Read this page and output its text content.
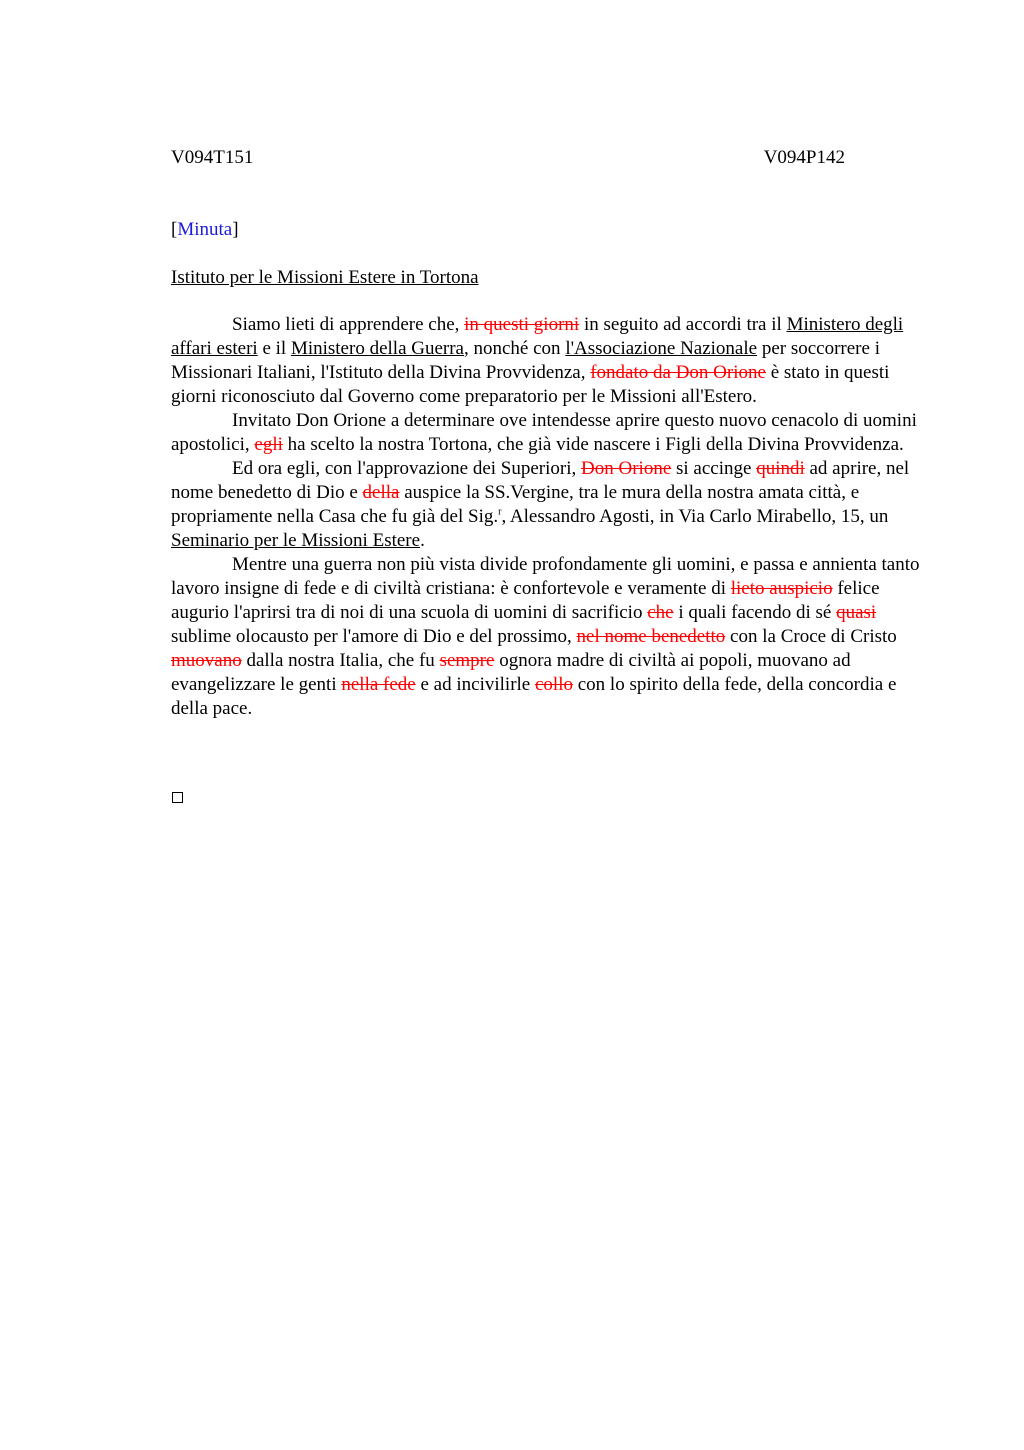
V094T151	V094P142
[Minuta]
Istituto per le Missioni Estere in Tortona

Siamo lieti di apprendere che, in questi giorni in seguito ad accordi tra il Ministero degli affari esteri e il Ministero della Guerra, nonché con l'Associazione Nazionale per soccorrere i Missionari Italiani, l'Istituto della Divina Provvidenza, fondato da Don Orione è stato in questi giorni riconosciuto dal Governo come preparatorio per le Missioni all'Estero.

Invitato Don Orione a determinare ove intendesse aprire questo nuovo cenacolo di uomini apostolici, egli ha scelto la nostra Tortona, che già vide nascere i Figli della Divina Provvidenza.

Ed ora egli, con l'approvazione dei Superiori, Don Orione si accinge quindi ad aprire, nel nome benedetto di Dio e della auspice la SS.Vergine, tra le mura della nostra amata città, e propriamente nella Casa che fu già del Sig.$^r$, Alessandro Agosti, in Via Carlo Mirabello, 15, un Seminario per le Missioni Estere.

Mentre una guerra non più vista divide profondamente gli uomini, e passa e annienta tanto lavoro insigne di fede e di civiltà cristiana: è confortevole e veramente di lieto auspicio felice augurio l'aprirsi tra di noi di una scuola di uomini di sacrificio che i quali facendo di sé quasi sublime olocausto per l'amore di Dio e del prossimo, nel nome benedetto con la Croce di Cristo muovano dalla nostra Italia, che fu sempre ognora madre di civiltà ai popoli, muovano ad evangelizzare le genti nella fede e ad incivilirle collo con lo spirito della fede, della concordia e della pace.
